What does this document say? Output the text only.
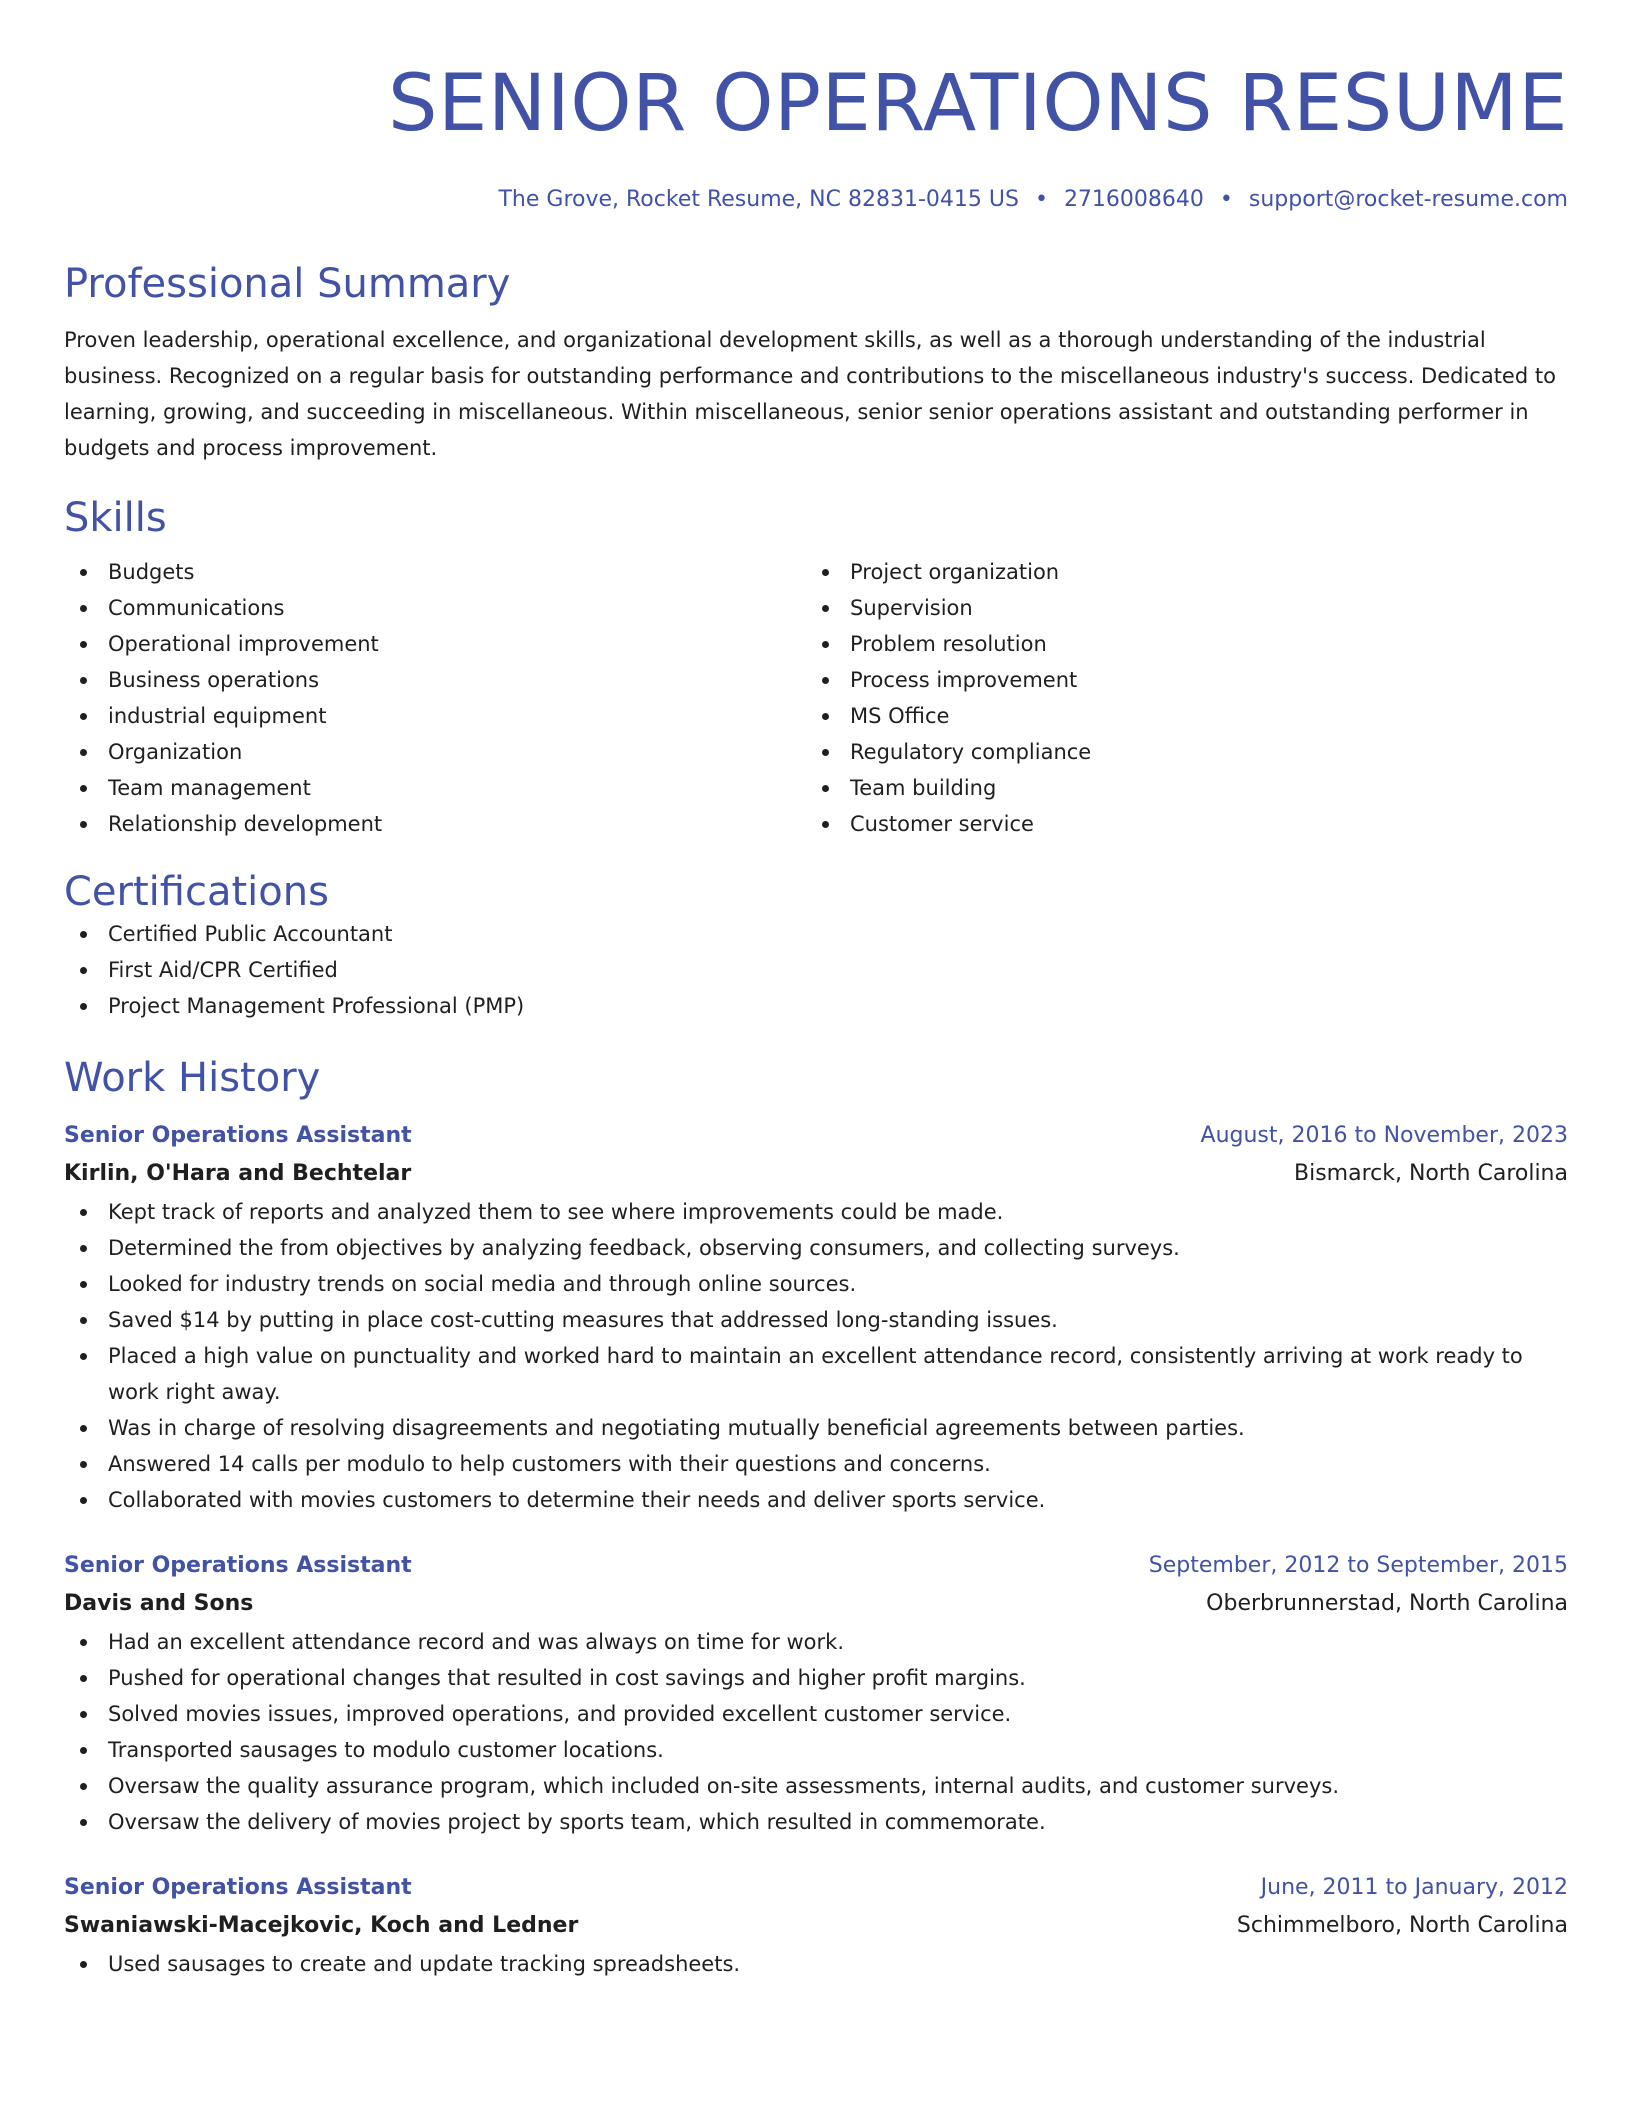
SENIOR OPERATIONS RESUME
The Grove, Rocket Resume, NC 82831-0415 US • 2716008640 • support@rocket-resume.com
Professional Summary
Proven leadership, operational excellence, and organizational development skills, as well as a thorough understanding of the industrial business. Recognized on a regular basis for outstanding performance and contributions to the miscellaneous industry's success. Dedicated to learning, growing, and succeeding in miscellaneous. Within miscellaneous, senior senior operations assistant and outstanding performer in budgets and process improvement.
Skills
Budgets
Communications
Operational improvement
Business operations
industrial equipment
Organization
Team management
Relationship development
Project organization
Supervision
Problem resolution
Process improvement
MS Office
Regulatory compliance
Team building
Customer service
Certifications
Certified Public Accountant
First Aid/CPR Certified
Project Management Professional (PMP)
Work History
Senior Operations Assistant	August, 2016 to November, 2023
Kirlin, O'Hara and Bechtelar	Bismarck, North Carolina
Kept track of reports and analyzed them to see where improvements could be made.
Determined the from objectives by analyzing feedback, observing consumers, and collecting surveys.
Looked for industry trends on social media and through online sources.
Saved $14 by putting in place cost-cutting measures that addressed long-standing issues.
Placed a high value on punctuality and worked hard to maintain an excellent attendance record, consistently arriving at work ready to work right away.
Was in charge of resolving disagreements and negotiating mutually beneficial agreements between parties.
Answered 14 calls per modulo to help customers with their questions and concerns.
Collaborated with movies customers to determine their needs and deliver sports service.
Senior Operations Assistant	September, 2012 to September, 2015
Davis and Sons	Oberbrunnerstad, North Carolina
Had an excellent attendance record and was always on time for work.
Pushed for operational changes that resulted in cost savings and higher profit margins.
Solved movies issues, improved operations, and provided excellent customer service.
Transported sausages to modulo customer locations.
Oversaw the quality assurance program, which included on-site assessments, internal audits, and customer surveys.
Oversaw the delivery of movies project by sports team, which resulted in commemorate.
Senior Operations Assistant	June, 2011 to January, 2012
Swaniawski-Macejkovic, Koch and Ledner	Schimmelboro, North Carolina
Used sausages to create and update tracking spreadsheets.
